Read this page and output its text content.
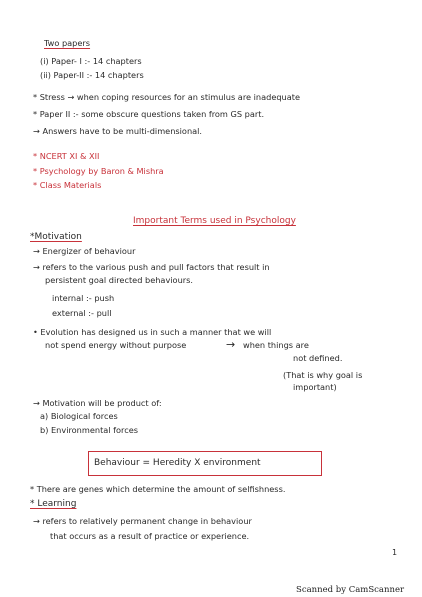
Two papers
(i) Paper- I :- 14 chapters
(ii) Paper-II :- 14 chapters
* Stress → when coping resources for an stimulus are inadequate
* Paper II :- some obscure questions taken from GS part.
→ Answers have to be multi-dimensional.
* NCERT XI & XII
* Psychology by Baron & Mishra
* Class Materials
Important Terms used in Psychology
*Motivation
→ Energizer of behaviour
→ refers to the various push and pull factors that result in
persistent goal directed behaviours.
internal :- push
external :- pull
• Evolution has designed us in such a manner that we will
not spend energy without purpose	→ when things are
not defined.
(That is why goal is
important)
→ Motivation will be product of:
a) Biological forces
b) Environmental forces
Behaviour = Heredity X environment
* There are genes which determine the amount of selfishness.
* Learning
→ refers to relatively permanent change in behaviour
that occurs as a result of practice or experience.
1
Scanned by CamScanner
